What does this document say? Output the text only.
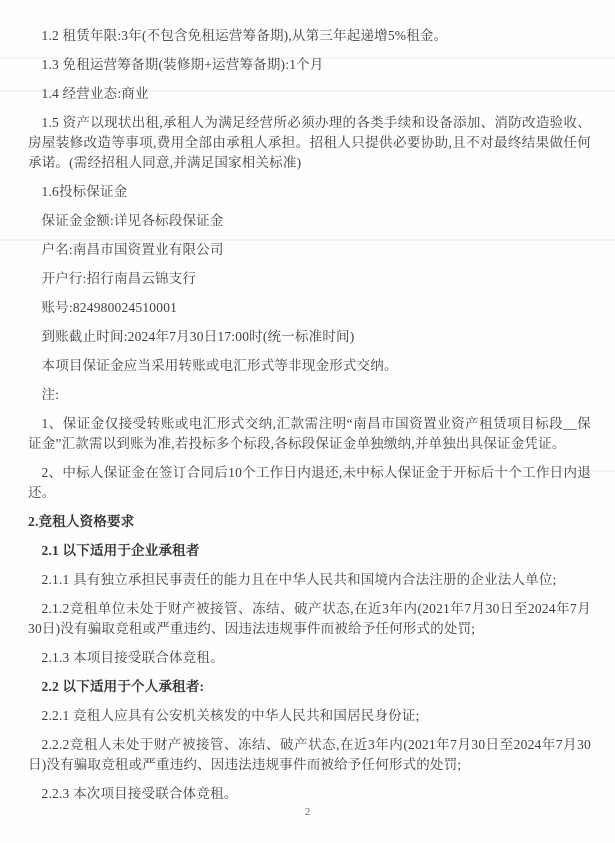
1.2 租赁年限:3年(不包含免租运营筹备期),从第三年起递增5%租金。

1.3 免租运营筹备期(装修期+运营筹备期):1个月

1.4 经营业态:商业

1.5 资产以现状出租,承租人为满足经营所必须办理的各类手续和设备添加、消防改造验收、房屋装修改造等事项,费用全部由承租人承担。招租人只提供必要协助,且不对最终结果做任何承诺。(需经招租人同意,并满足国家相关标准)

1.6投标保证金

保证金金额:详见各标段保证金

户名:南昌市国资置业有限公司

开户行:招行南昌云锦支行

账号:824980024510001

到账截止时间:2024年7月30日17:00时(统一标准时间)

本项目保证金应当采用转账或电汇形式等非现金形式交纳。

注:

1、保证金仅接受转账或电汇形式交纳,汇款需注明“南昌市国资置业资产租赁项目标段__保证金”汇款需以到账为准,若投标多个标段,各标段保证金单独缴纳,并单独出具保证金凭证。

2、中标人保证金在签订合同后10个工作日内退还,未中标人保证金于开标后十个工作日内退还。

2.竞租人资格要求

2.1 以下适用于企业承租者

2.1.1 具有独立承担民事责任的能力且在中华人民共和国境内合法注册的企业法人单位;

2.1.2竞租单位未处于财产被接管、冻结、破产状态,在近3年内(2021年7月30日至2024年7月30日)没有骗取竞租或严重违约、因违法违规事件而被给予任何形式的处罚;

2.1.3 本项目接受联合体竞租。

2.2 以下适用于个人承租者:

2.2.1 竞租人应具有公安机关核发的中华人民共和国居民身份证;

2.2.2竞租人未处于财产被接管、冻结、破产状态,在近3年内(2021年7月30日至2024年7月30日)没有骗取竞租或严重违约、因违法违规事件而被给予任何形式的处罚;

2.2.3 本次项目接受联合体竞租。

2
